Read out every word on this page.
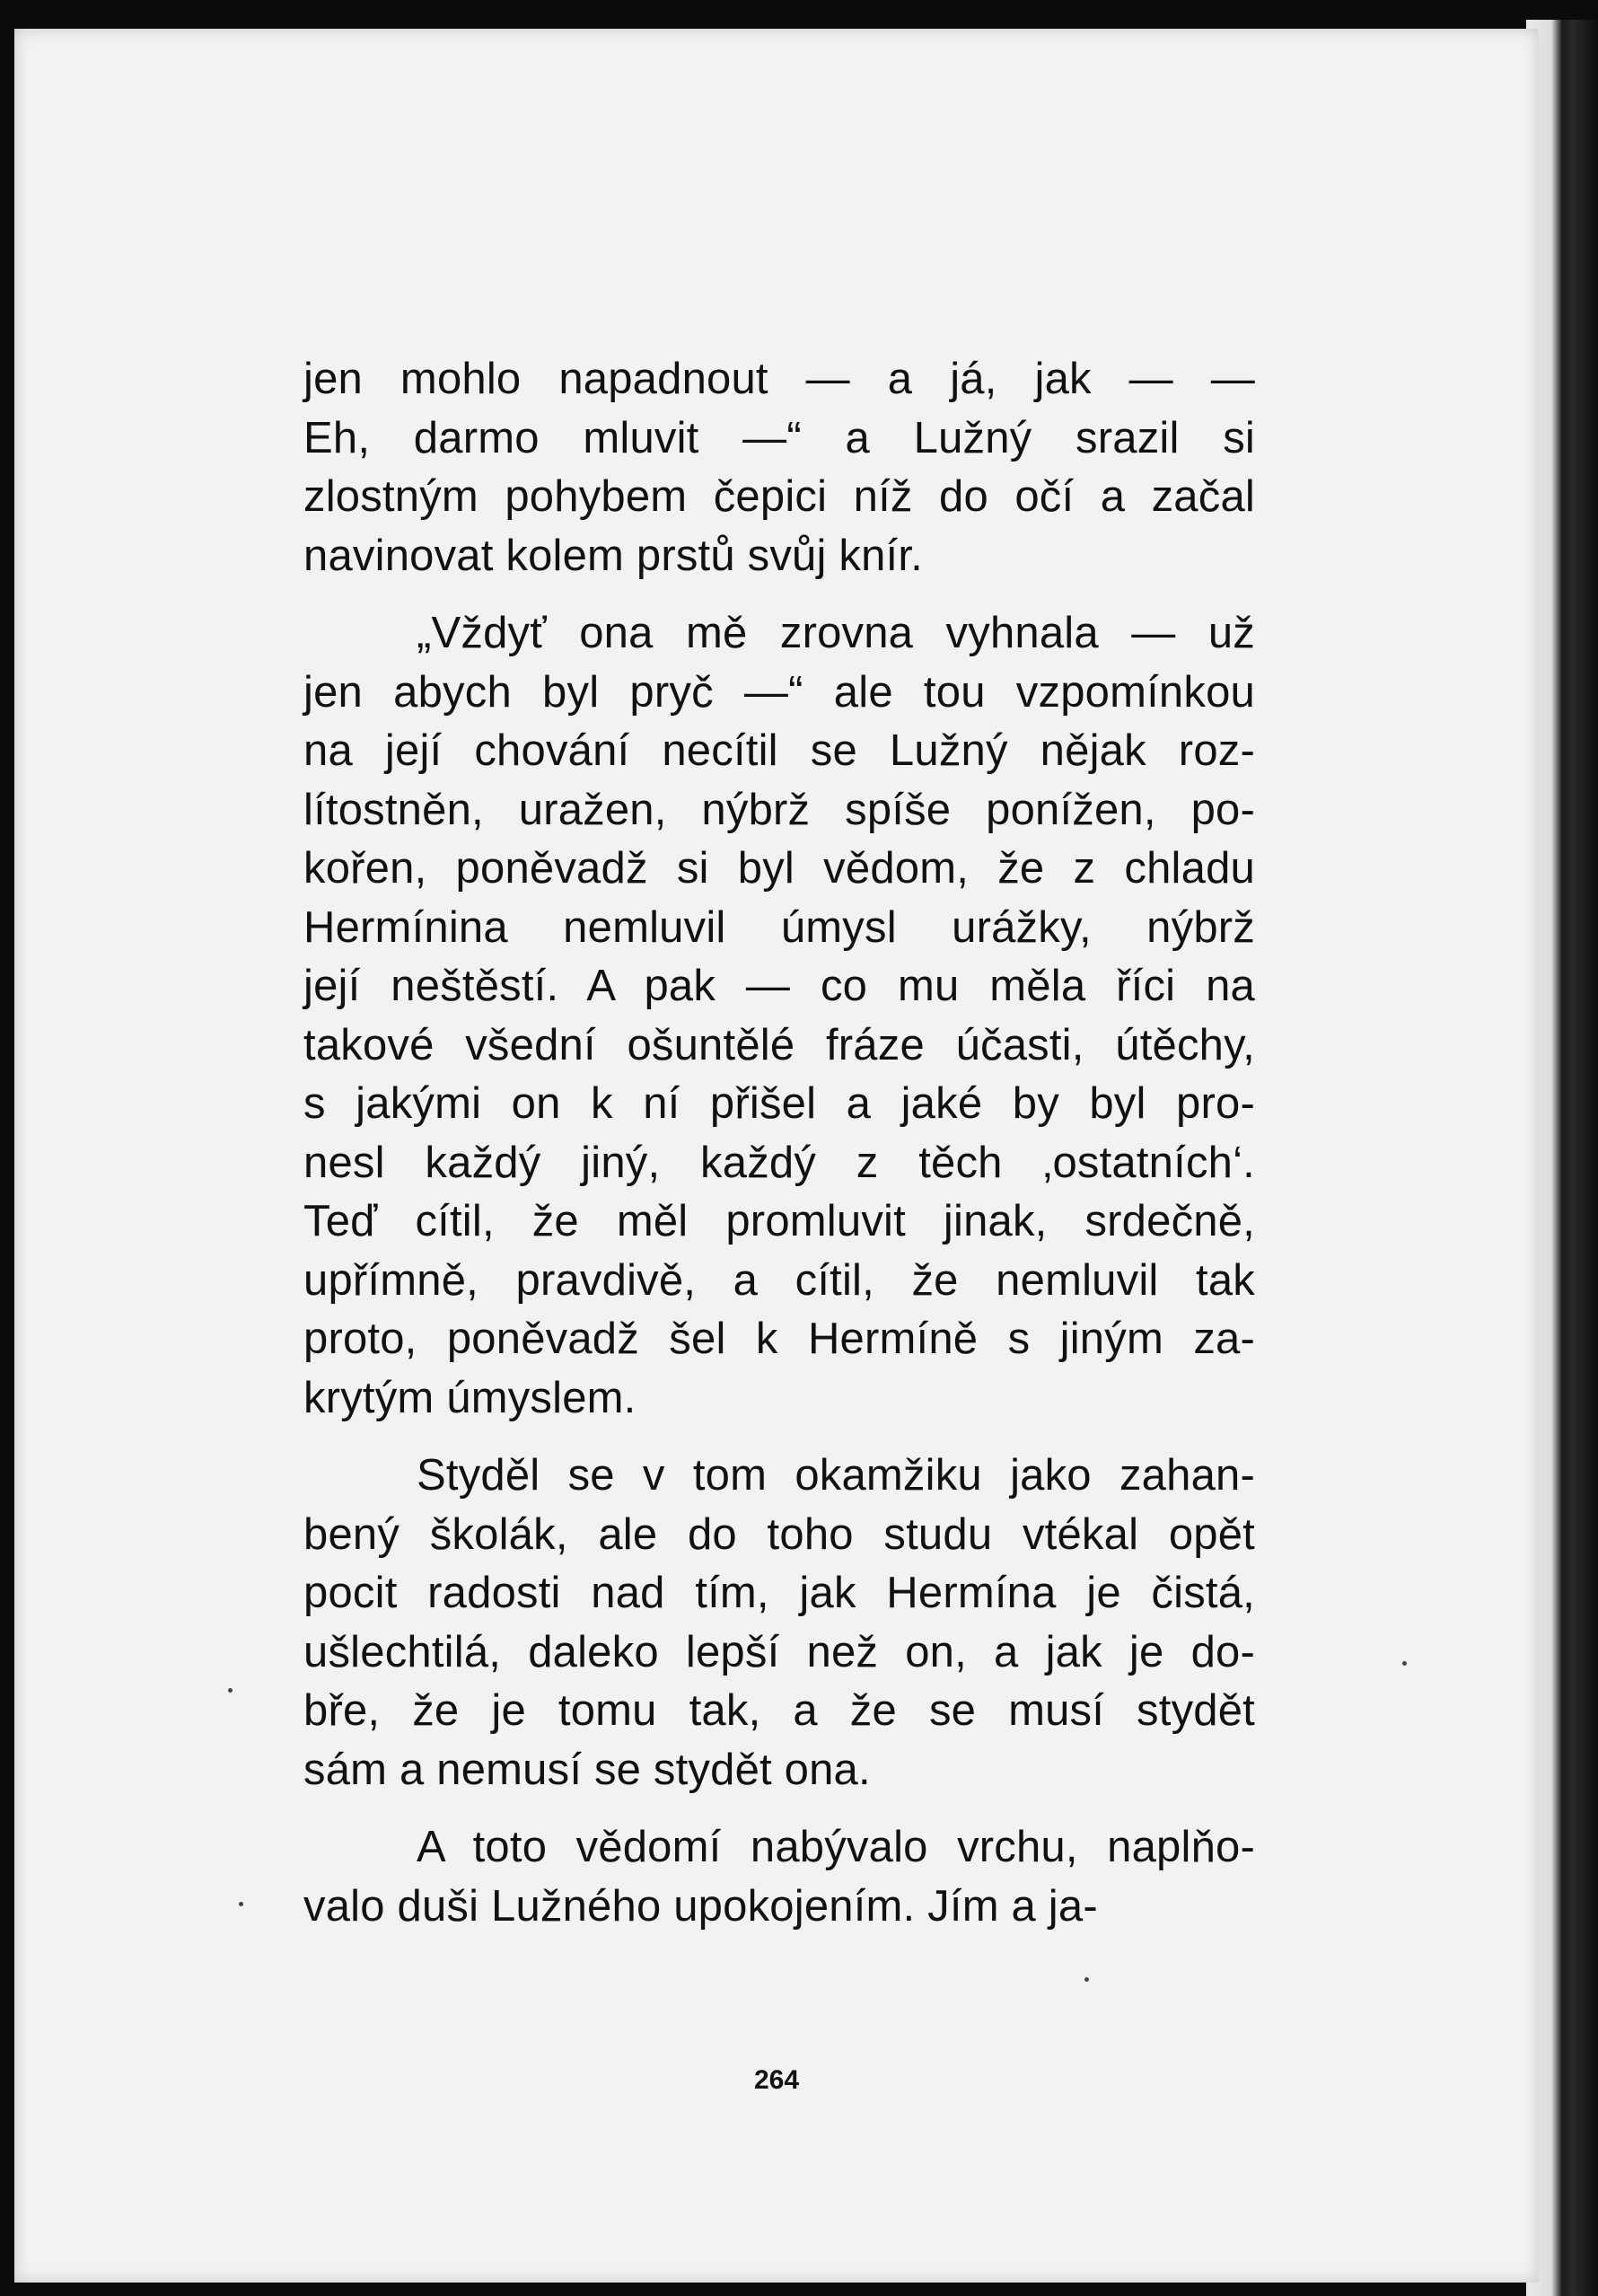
264
jen mohlo napadnout — a já, jak — —
Eh, darmo mluvit —“ a Lužný srazil si
zlostným pohybem čepici níž do očí a začal
navinovat kolem prstů svůj knír.
„Vždyť ona mě zrovna vyhnala — už
jen abych byl pryč —“ ale tou vzpomínkou
na její chování necítil se Lužný nějak roz-
lítostněn, uražen, nýbrž spíše ponížen, po-
kořen, poněvadž si byl vědom, že z chladu
Hermínina nemluvil úmysl urážky, nýbrž
její neštěstí. A pak — co mu měla říci na
takové všední ošuntělé fráze účasti, útěchy,
s jakými on k ní přišel a jaké by byl pro-
nesl každý jiný, každý z těch ‚ostatních‘.
Teď cítil, že měl promluvit jinak, srdečně,
upřímně, pravdivě, a cítil, že nemluvil tak
proto, poněvadž šel k Hermíně s jiným za-
krytým úmyslem.
Styděl se v tom okamžiku jako zahan-
bený školák, ale do toho studu vtékal opět
pocit radosti nad tím, jak Hermína je čistá,
ušlechtilá, daleko lepší než on, a jak je do-
bře, že je tomu tak, a že se musí stydět
sám a nemusí se stydět ona.
A toto vědomí nabývalo vrchu, naplňo-
valo duši Lužného upokojením. Jím a ja-
